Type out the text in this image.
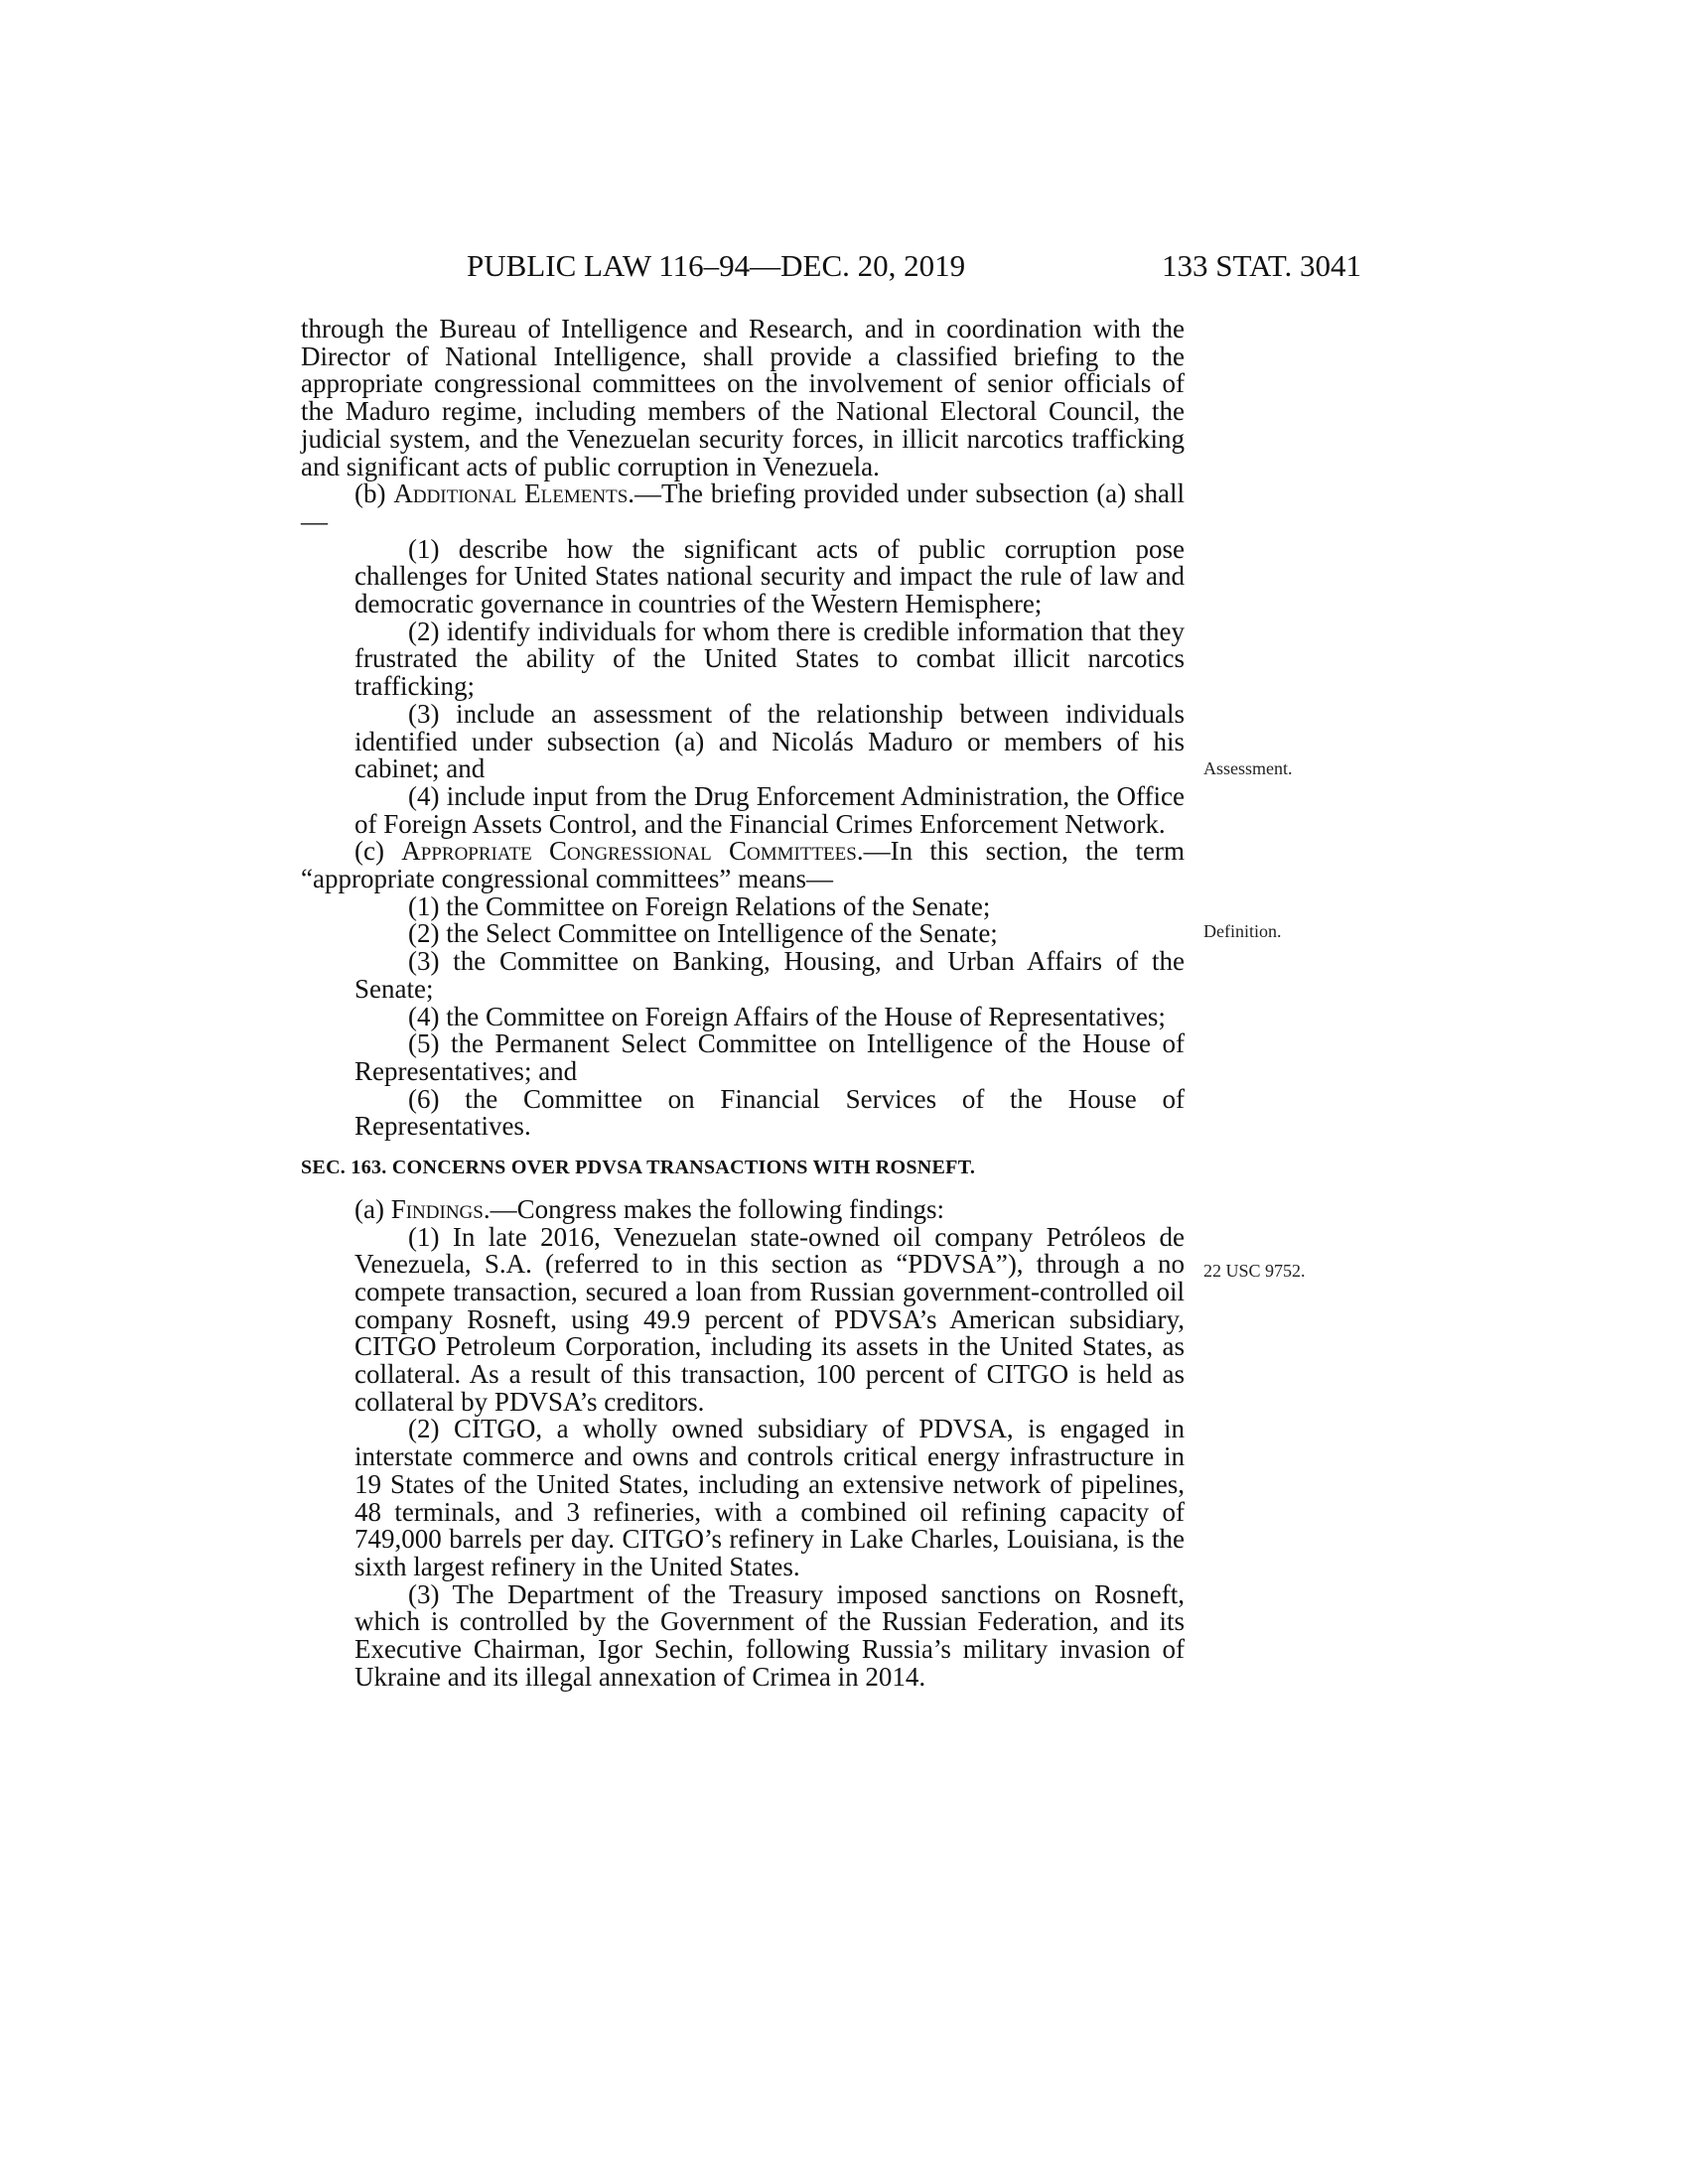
PUBLIC LAW 116–94—DEC. 20, 2019	133 STAT. 3041

through the Bureau of Intelligence and Research, and in coordination with the Director of National Intelligence, shall provide a classified briefing to the appropriate congressional committees on the involvement of senior officials of the Maduro regime, including members of the National Electoral Council, the judicial system, and the Venezuelan security forces, in illicit narcotics trafficking and significant acts of public corruption in Venezuela.

(b) Additional Elements.—The briefing provided under subsection (a) shall—

(1) describe how the significant acts of public corruption pose challenges for United States national security and impact the rule of law and democratic governance in countries of the Western Hemisphere;

(2) identify individuals for whom there is credible information that they frustrated the ability of the United States to combat illicit narcotics trafficking;

(3) include an assessment of the relationship between individuals identified under subsection (a) and Nicolás Maduro or members of his cabinet; and

(4) include input from the Drug Enforcement Administration, the Office of Foreign Assets Control, and the Financial Crimes Enforcement Network.

(c) Appropriate Congressional Committees.—In this section, the term “appropriate congressional committees” means—

(1) the Committee on Foreign Relations of the Senate;

(2) the Select Committee on Intelligence of the Senate;

(3) the Committee on Banking, Housing, and Urban Affairs of the Senate;

(4) the Committee on Foreign Affairs of the House of Representatives;

(5) the Permanent Select Committee on Intelligence of the House of Representatives; and

(6) the Committee on Financial Services of the House of Representatives.

SEC. 163. CONCERNS OVER PDVSA TRANSACTIONS WITH ROSNEFT.

(a) Findings.—Congress makes the following findings:

(1) In late 2016, Venezuelan state-owned oil company Petróleos de Venezuela, S.A. (referred to in this section as “PDVSA”), through a no compete transaction, secured a loan from Russian government-controlled oil company Rosneft, using 49.9 percent of PDVSA’s American subsidiary, CITGO Petroleum Corporation, including its assets in the United States, as collateral. As a result of this transaction, 100 percent of CITGO is held as collateral by PDVSA’s creditors.

(2) CITGO, a wholly owned subsidiary of PDVSA, is engaged in interstate commerce and owns and controls critical energy infrastructure in 19 States of the United States, including an extensive network of pipelines, 48 terminals, and 3 refineries, with a combined oil refining capacity of 749,000 barrels per day. CITGO’s refinery in Lake Charles, Louisiana, is the sixth largest refinery in the United States.

(3) The Department of the Treasury imposed sanctions on Rosneft, which is controlled by the Government of the Russian Federation, and its Executive Chairman, Igor Sechin, following Russia’s military invasion of Ukraine and its illegal annexation of Crimea in 2014.

Assessment.
Definition.
22 USC 9752.
